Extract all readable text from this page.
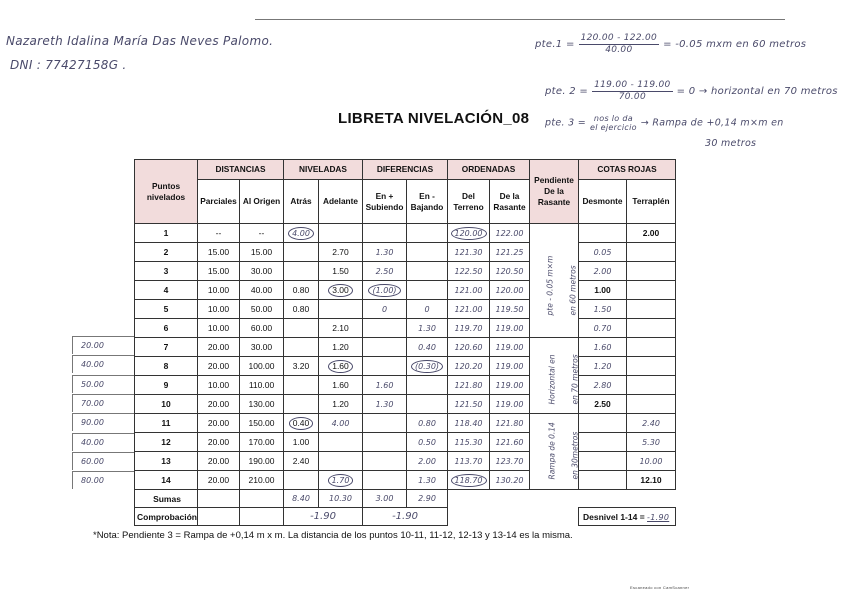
Nazareth Idalina María Das Neves Palomo.
DNI : 77427158G .
$pte.1 = \frac{120.00 - 122.00}{40.00} = -0.05$ mxm en 60 metros
pte. $2 = \frac{119.00 - 119.00}{70.00} = 0$ → horizontal en 70 metros
pte. 3 = nos lo da el ejercicio → Rampa de +0,14 m×m en
30 metros
LIBRETA NIVELACIÓN_08
20.00
40.00
50.00
70.00
90.00
40.00
60.00
80.00
Puntos nivelados	DISTANCIAS		NIVELADAS		DIFERENCIAS		ORDENADAS		Pendiente De la Rasante	COTAS ROJAS	
	Parciales	Al Origen	Atrás	Adelante	En + Subiendo	En - Bajando	Del Terreno	De la Rasante		Desmonte	Terraplén
1	--	--	4.00				120.00	122.00			2.00
2	15.00	15.00		2.70	1.30		121.30	121.25		0.05	
3	15.00	30.00		1.50	2.50		122.50	120.50		2.00	
4	10.00	40.00	0.80	3.00	(1.00)		121.00	120.00		1.00	
5	10.00	50.00	0.80		0	0	121.00	119.50		1.50	
6	10.00	60.00		2.10		1.30	119.70	119.00		0.70	
7	20.00	30.00		1.20		0.40	120.60	119.00		1.60	
8	20.00	100.00	3.20	1.60		(0.30)	120.20	119.00		1.20	
9	10.00	110.00		1.60	1.60		121.80	119.00		2.80	
10	20.00	130.00		1.20	1.30		121.50	119.00		2.50	
11	20.00	150.00	0.40	4.00		0.80	118.40	121.80			2.40
12	20.00	170.00	1.00			0.50	115.30	121.60			5.30
13	20.00	190.00	2.40			2.00	113.70	123.70			10.00
14	20.00	210.00		1.70		1.30	118.70	130.20			12.10
Sumas			8.40	10.30	3.00	2.90					
Comprobación			-1.90		-1.90					Desnivel 1-14 = -1.90	
pte - 0.05 m×m en 60 metros
Horizontal en en 70 metros
Rampa de 0.14 en 30metros
*Nota: Pendiente 3 = Rampa de +0,14 m x m. La distancia de los puntos 10-11, 11-12, 12-13 y 13-14 es la misma.
Escaneado con CamScanner
